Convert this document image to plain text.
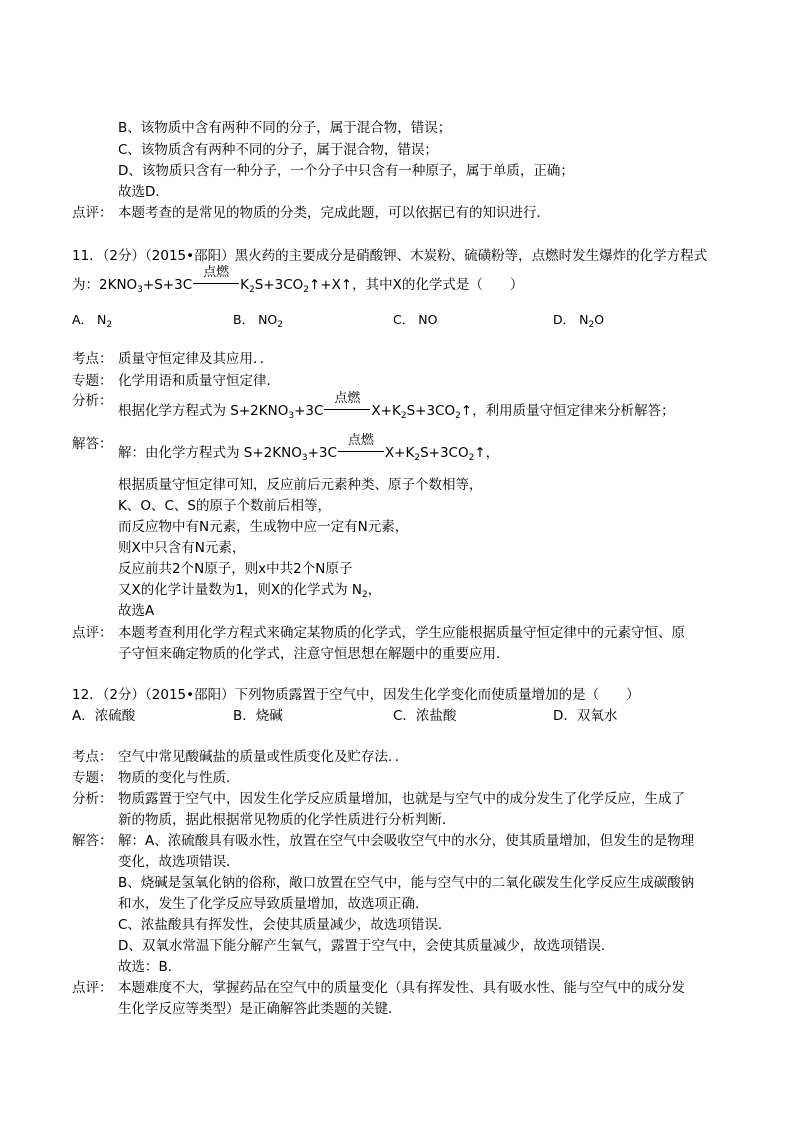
B、该物质中含有两种不同的分子，属于混合物，错误；
C、该物质含有两种不同的分子，属于混合物，错误；
D、该物质只含有一种分子，一个分子中只含有一种原子，属于单质，正确；
故选D．
点评： 本题考查的是常见的物质的分类，完成此题，可以依据已有的知识进行．
11．（2分）（2015•邵阳）黑火药的主要成分是硝酸钾、木炭粉、硫磺粉等，点燃时发生爆炸的化学方程式
为：$2KNO_3+S+3C$
点燃
$K_2S+3CO_2↑+X↑$，其中X的化学式是（　　）
A． $N_2$	B． $NO_2$	C． NO	D． $N_2O$
考点： 质量守恒定律及其应用．．
专题： 化学用语和质量守恒定律．
分析：
根据化学方程式为 $S+2KNO_3+3C$
点燃
$X+K_2S+3CO_2↑$，利用质量守恒定律来分析解答；
解答：
解：由化学方程式为 $S+2KNO_3+3C$
点燃
$X+K_2S+3CO_2↑$，
根据质量守恒定律可知，反应前后元素种类、原子个数相等，
K、O、C、S的原子个数前后相等，
而反应物中有N元素，生成物中应一定有N元素，
则X中只含有N元素，
反应前共2个N原子，则x中共2个N原子
又X的化学计量数为1，则X的化学式为 $N_2$，
故选A
点评： 本题考查利用化学方程式来确定某物质的化学式，学生应能根据质量守恒定律中的元素守恒、原
子守恒来确定物质的化学式，注意守恒思想在解题中的重要应用．
12．（2分）（2015•邵阳）下列物质露置于空气中，因发生化学变化而使质量增加的是（　　）
A．浓硫酸	B．烧碱	C．浓盐酸	D．双氧水
考点： 空气中常见酸碱盐的质量或性质变化及贮存法．．
专题： 物质的变化与性质．
分析： 物质露置于空气中，因发生化学反应质量增加，也就是与空气中的成分发生了化学反应，生成了
新的物质，据此根据常见物质的化学性质进行分析判断．
解答： 解：A、浓硫酸具有吸水性，放置在空气中会吸收空气中的水分，使其质量增加，但发生的是物理
变化，故选项错误．
B、烧碱是氢氧化钠的俗称，敞口放置在空气中，能与空气中的二氧化碳发生化学反应生成碳酸钠
和水，发生了化学反应导致质量增加，故选项正确．
C、浓盐酸具有挥发性，会使其质量减少，故选项错误．
D、双氧水常温下能分解产生氧气，露置于空气中，会使其质量减少，故选项错误．
故选：B．
点评： 本题难度不大，掌握药品在空气中的质量变化（具有挥发性、具有吸水性、能与空气中的成分发
生化学反应等类型）是正确解答此类题的关键．
